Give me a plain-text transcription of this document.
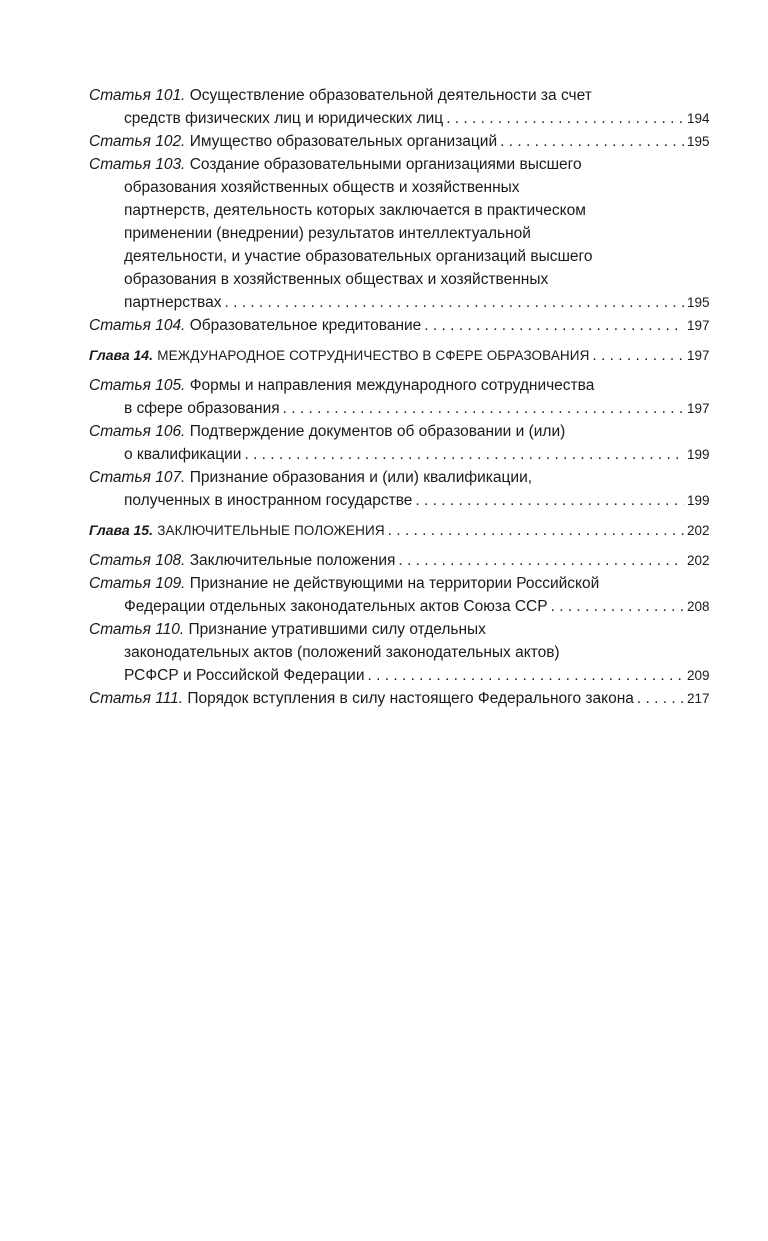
Статья 101.
Осуществление образовательной деятельности за счет
средств физических лиц и юридических лиц . . .	194
Статья 102.
Имущество образовательных организаций . . .	195
Статья 103.
Создание образовательными организациями высшего
образования хозяйственных обществ и хозяйственных
партнерств, деятельность которых заключается в практическом
применении (внедрении) результатов интеллектуальной
деятельности, и участие образовательных организаций высшего
образования в хозяйственных обществах и хозяйственных
партнерствах . . .	195
Статья 104.
Образовательное кредитование . . .	197
Глава 14.
МЕЖДУНАРОДНОЕ СОТРУДНИЧЕСТВО В СФЕРЕ ОБРАЗОВАНИЯ . . .	197
Статья 105.
Формы и направления международного сотрудничества
в сфере образования . . .	197
Статья 106.
Подтверждение документов об образовании и (или)
о квалификации . . .	199
Статья 107.
Признание образования и (или) квалификации,
полученных в иностранном государстве . . .	199
Глава 15.
ЗАКЛЮЧИТЕЛЬНЫЕ ПОЛОЖЕНИЯ . . .	202
Статья 108.
Заключительные положения . . .	202
Статья 109.
Признание не действующими на территории Российской
Федерации отдельных законодательных актов Союза ССР . . .	208
Статья 110.
Признание утратившими силу отдельных
законодательных актов (положений законодательных актов)
РСФСР и Российской Федерации . . .	209
Статья 111.
Порядок вступления в силу настоящего Федерального закона . . .	217
